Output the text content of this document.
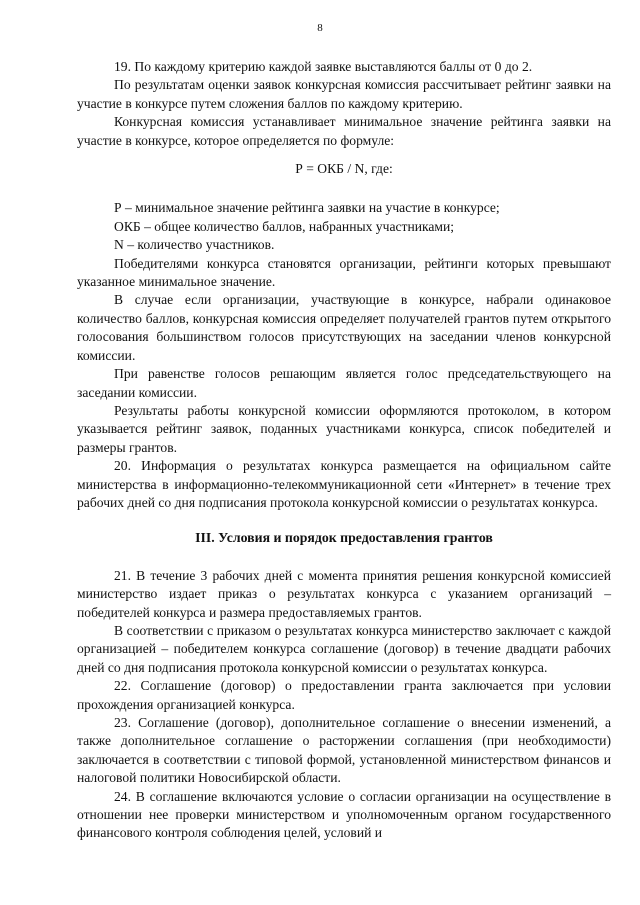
8

19. По каждому критерию каждой заявке выставляются баллы от 0 до 2.

По результатам оценки заявок конкурсная комиссия рассчитывает рейтинг заявки на участие в конкурсе путем сложения баллов по каждому критерию.

Конкурсная комиссия устанавливает минимальное значение рейтинга заявки на участие в конкурсе, которое определяется по формуле:

Р = ОКБ / N, где:

Р – минимальное значение рейтинга заявки на участие в конкурсе;

ОКБ – общее количество баллов, набранных участниками;

N – количество участников.

Победителями конкурса становятся организации, рейтинги которых превышают указанное минимальное значение.

В случае если организации, участвующие в конкурсе, набрали одинаковое количество баллов, конкурсная комиссия определяет получателей грантов путем открытого голосования большинством голосов присутствующих на заседании членов конкурсной комиссии.

При равенстве голосов решающим является голос председательствующего на заседании комиссии.

Результаты работы конкурсной комиссии оформляются протоколом, в котором указывается рейтинг заявок, поданных участниками конкурса, список победителей и размеры грантов.

20. Информация о результатах конкурса размещается на официальном сайте министерства в информационно-телекоммуникационной сети «Интернет» в течение трех рабочих дней со дня подписания протокола конкурсной комиссии о результатах конкурса.

III. Условия и порядок предоставления грантов

21. В течение 3 рабочих дней с момента принятия решения конкурсной комиссией министерство издает приказ о результатах конкурса с указанием организаций – победителей конкурса и размера предоставляемых грантов.

В соответствии с приказом о результатах конкурса министерство заключает с каждой организацией – победителем конкурса соглашение (договор) в течение двадцати рабочих дней со дня подписания протокола конкурсной комиссии о результатах конкурса.

22. Соглашение (договор) о предоставлении гранта заключается при условии прохождения организацией конкурса.

23. Соглашение (договор), дополнительное соглашение о внесении изменений, а также дополнительное соглашение о расторжении соглашения (при необходимости) заключается в соответствии с типовой формой, установленной министерством финансов и налоговой политики Новосибирской области.

24. В соглашение включаются условие о согласии организации на осуществление в отношении нее проверки министерством и уполномоченным органом государственного финансового контроля соблюдения целей, условий и
